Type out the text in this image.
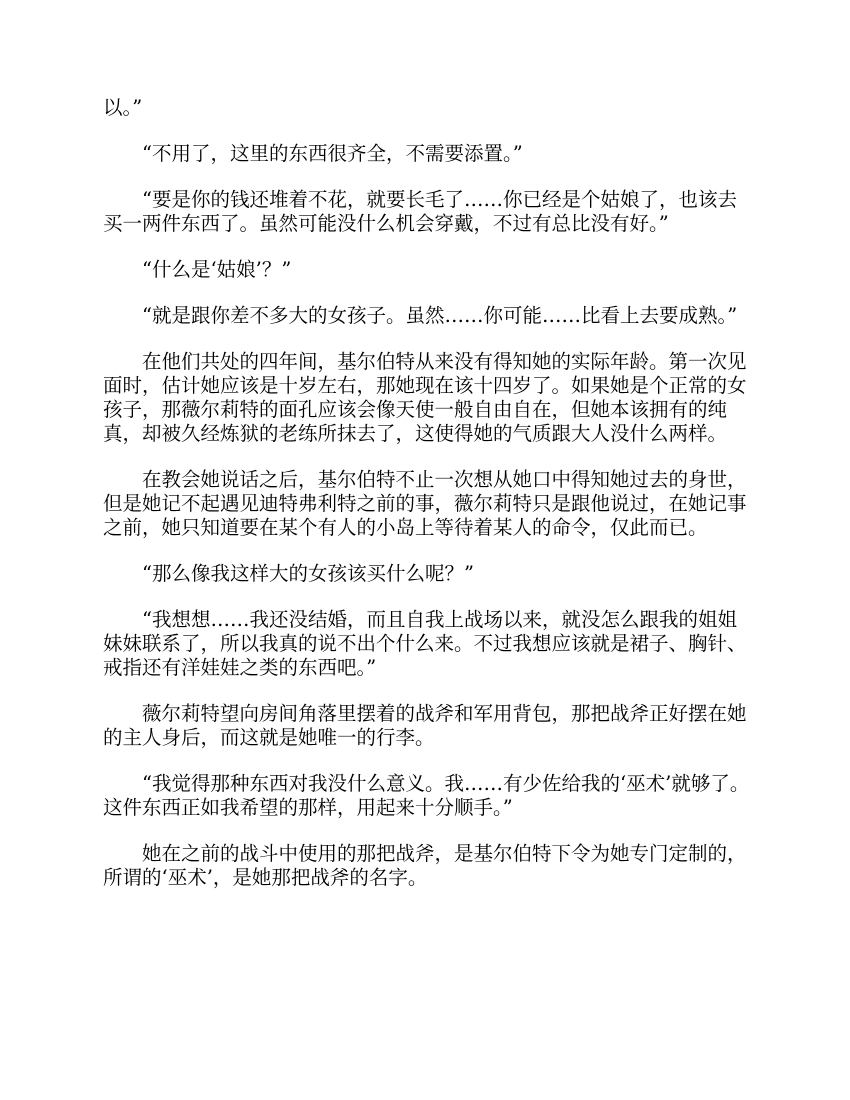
以。”

“不用了，这里的东西很齐全，不需要添置。”

“要是你的钱还堆着不花，就要长毛了……你已经是个姑娘了，也该去买一两件东西了。虽然可能没什么机会穿戴，不过有总比没有好。”

“什么是‘姑娘’？”

“就是跟你差不多大的女孩子。虽然……你可能……比看上去要成熟。”

在他们共处的四年间，基尔伯特从来没有得知她的实际年龄。第一次见面时，估计她应该是十岁左右，那她现在该十四岁了。如果她是个正常的女孩子，那薇尔莉特的面孔应该会像天使一般自由自在，但她本该拥有的纯真，却被久经炼狱的老练所抹去了，这使得她的气质跟大人没什么两样。

在教会她说话之后，基尔伯特不止一次想从她口中得知她过去的身世，但是她记不起遇见迪特弗利特之前的事，薇尔莉特只是跟他说过，在她记事之前，她只知道要在某个有人的小岛上等待着某人的命令，仅此而已。

“那么像我这样大的女孩该买什么呢？”

“我想想……我还没结婚，而且自我上战场以来，就没怎么跟我的姐姐妹妹联系了，所以我真的说不出个什么来。不过我想应该就是裙子、胸针、戒指还有洋娃娃之类的东西吧。”

薇尔莉特望向房间角落里摆着的战斧和军用背包，那把战斧正好摆在她的主人身后，而这就是她唯一的行李。

“我觉得那种东西对我没什么意义。我……有少佐给我的‘巫术’就够了。这件东西正如我希望的那样，用起来十分顺手。”

她在之前的战斗中使用的那把战斧，是基尔伯特下令为她专门定制的，所谓的‘巫术’，是她那把战斧的名字。
